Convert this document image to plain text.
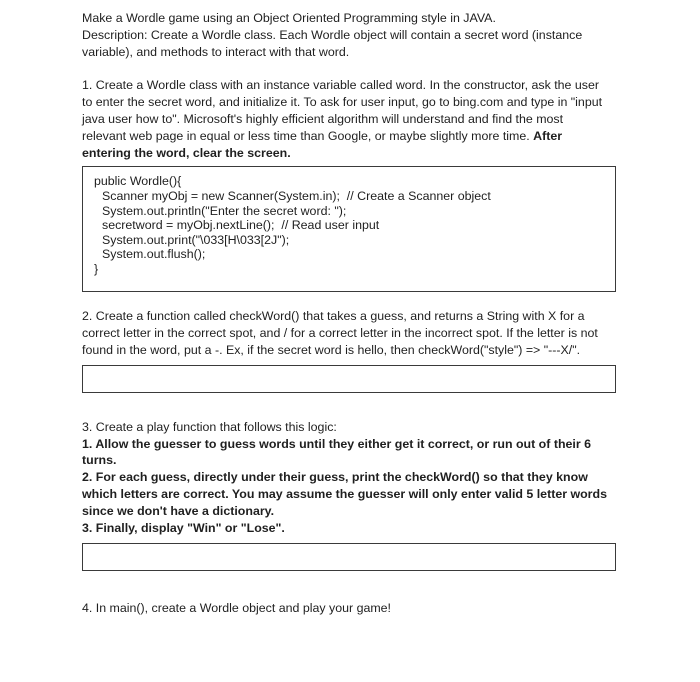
Make a Wordle game using an Object Oriented Programming style in JAVA.

Description: Create a Wordle class. Each Wordle object will contain a secret word (instance

variable), and methods to interact with that word.

1. Create a Wordle class with an instance variable called word. In the constructor, ask the user

to enter the secret word, and initialize it. To ask for user input, go to bing.com and type in "input

java user how to". Microsoft's highly efficient algorithm will understand and find the most

relevant web page in equal or less time than Google, or maybe slightly more time. After

entering the word, clear the screen.

public Wordle(){
Scanner myObj = new Scanner(System.in);  // Create a Scanner object
System.out.println("Enter the secret word: ");
secretword = myObj.nextLine();  // Read user input
System.out.print("\033[H\033[2J");
System.out.flush();
}

2. Create a function called checkWord() that takes a guess, and returns a String with X for a

correct letter in the correct spot, and / for a correct letter in the incorrect spot. If the letter is not

found in the word, put a -. Ex, if the secret word is hello, then checkWord("style") => "---X/".

3. Create a play function that follows this logic:

1. Allow the guesser to guess words until they either get it correct, or run out of their 6

turns.

2. For each guess, directly under their guess, print the checkWord() so that they know

which letters are correct. You may assume the guesser will only enter valid 5 letter words

since we don't have a dictionary.

3. Finally, display "Win" or "Lose".

4. In main(), create a Wordle object and play your game!
